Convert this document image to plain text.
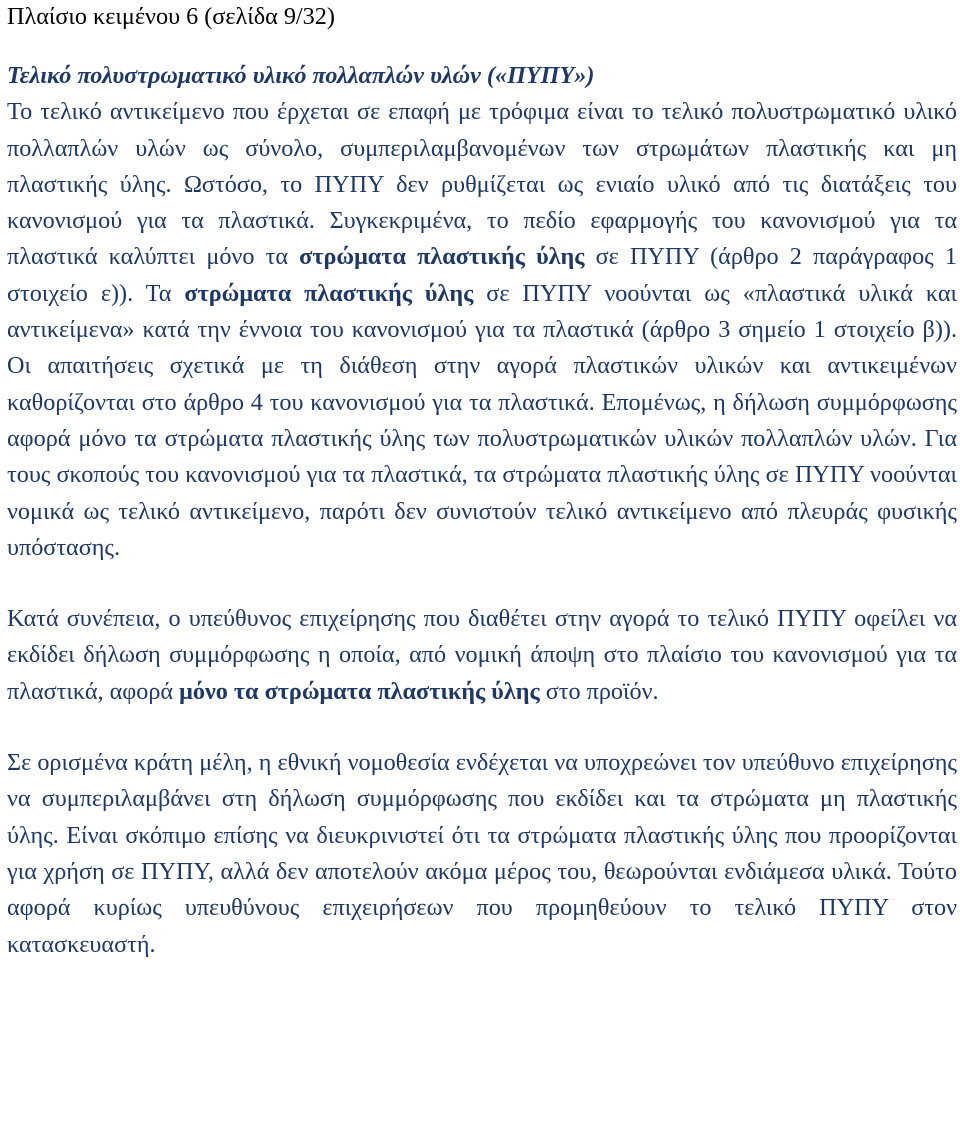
Πλαίσιο κειμένου 6 (σελίδα 9/32)

Τελικό πολυστρωματικό υλικό πολλαπλών υλών («ΠΥΠΥ»)

Το τελικό αντικείμενο που έρχεται σε επαφή με τρόφιμα είναι το τελικό πολυστρωματικό υλικό πολλαπλών υλών ως σύνολο, συμπεριλαμβανομένων των στρωμάτων πλαστικής και μη πλαστικής ύλης. Ωστόσο, το ΠΥΠΥ δεν ρυθμίζεται ως ενιαίο υλικό από τις διατάξεις του κανονισμού για τα πλαστικά. Συγκεκριμένα, το πεδίο εφαρμογής του κανονισμού για τα πλαστικά καλύπτει μόνο τα στρώματα πλαστικής ύλης σε ΠΥΠΥ (άρθρο 2 παράγραφος 1 στοιχείο ε)). Τα στρώματα πλαστικής ύλης σε ΠΥΠΥ νοούνται ως «πλαστικά υλικά και αντικείμενα» κατά την έννοια του κανονισμού για τα πλαστικά (άρθρο 3 σημείο 1 στοιχείο β)). Οι απαιτήσεις σχετικά με τη διάθεση στην αγορά πλαστικών υλικών και αντικειμένων καθορίζονται στο άρθρο 4 του κανονισμού για τα πλαστικά. Επομένως, η δήλωση συμμόρφωσης αφορά μόνο τα στρώματα πλαστικής ύλης των πολυστρωματικών υλικών πολλαπλών υλών. Για τους σκοπούς του κανονισμού για τα πλαστικά, τα στρώματα πλαστικής ύλης σε ΠΥΠΥ νοούνται νομικά ως τελικό αντικείμενο, παρότι δεν συνιστούν τελικό αντικείμενο από πλευράς φυσικής υπόστασης.

Κατά συνέπεια, ο υπεύθυνος επιχείρησης που διαθέτει στην αγορά το τελικό ΠΥΠΥ οφείλει να εκδίδει δήλωση συμμόρφωσης η οποία, από νομική άποψη στο πλαίσιο του κανονισμού για τα πλαστικά, αφορά μόνο τα στρώματα πλαστικής ύλης στο προϊόν.

Σε ορισμένα κράτη μέλη, η εθνική νομοθεσία ενδέχεται να υποχρεώνει τον υπεύθυνο επιχείρησης να συμπεριλαμβάνει στη δήλωση συμμόρφωσης που εκδίδει και τα στρώματα μη πλαστικής ύλης. Είναι σκόπιμο επίσης να διευκρινιστεί ότι τα στρώματα πλαστικής ύλης που προορίζονται για χρήση σε ΠΥΠΥ, αλλά δεν αποτελούν ακόμα μέρος του, θεωρούνται ενδιάμεσα υλικά. Τούτο αφορά κυρίως υπευθύνους επιχειρήσεων που προμηθεύουν το τελικό ΠΥΠΥ στον κατασκευαστή.
